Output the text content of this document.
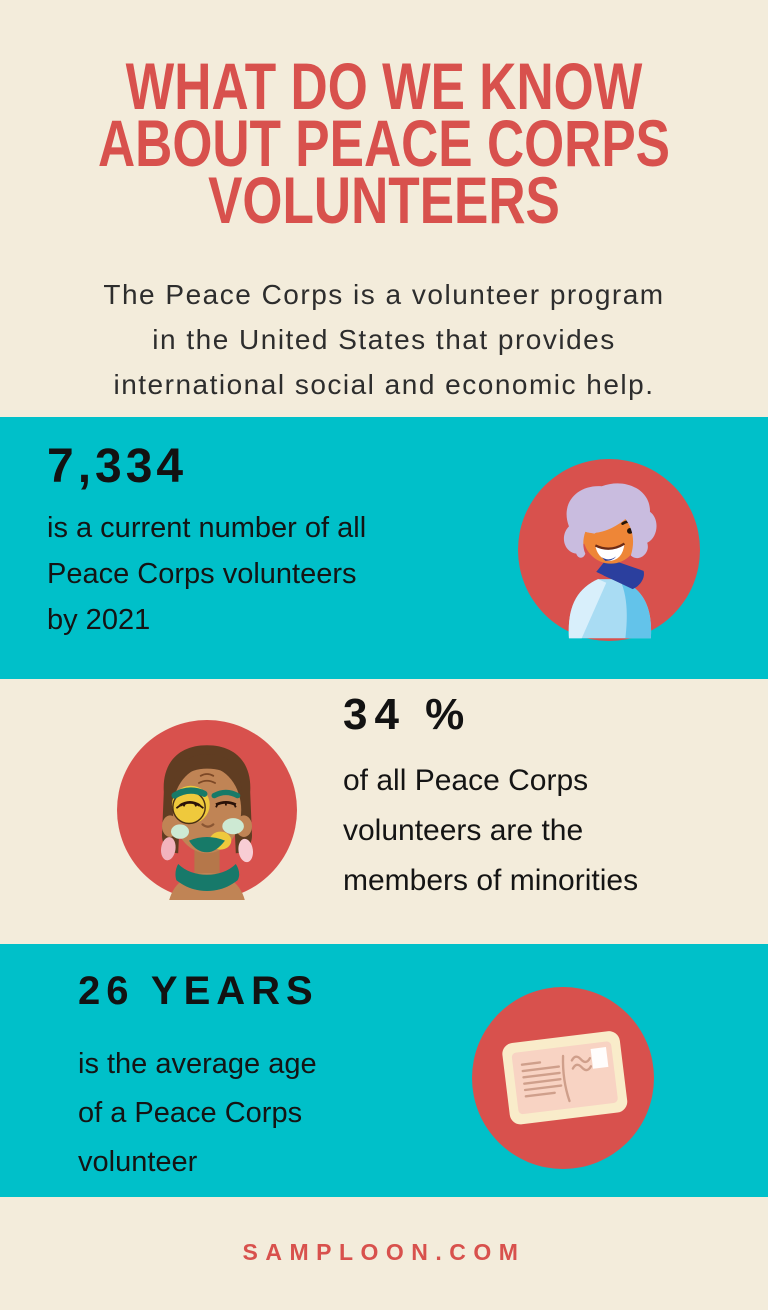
WHAT DO WE KNOW
ABOUT PEACE CORPS
VOLUNTEERS

The Peace Corps is a volunteer program
in the United States that provides
international social and economic help.

7,334

is a current number of all
Peace Corps volunteers
by 2021

34 %

of all Peace Corps
volunteers are the
members of minorities

26 YEARS

is the average age
of a Peace Corps
volunteer

SAMPLOON.COM
